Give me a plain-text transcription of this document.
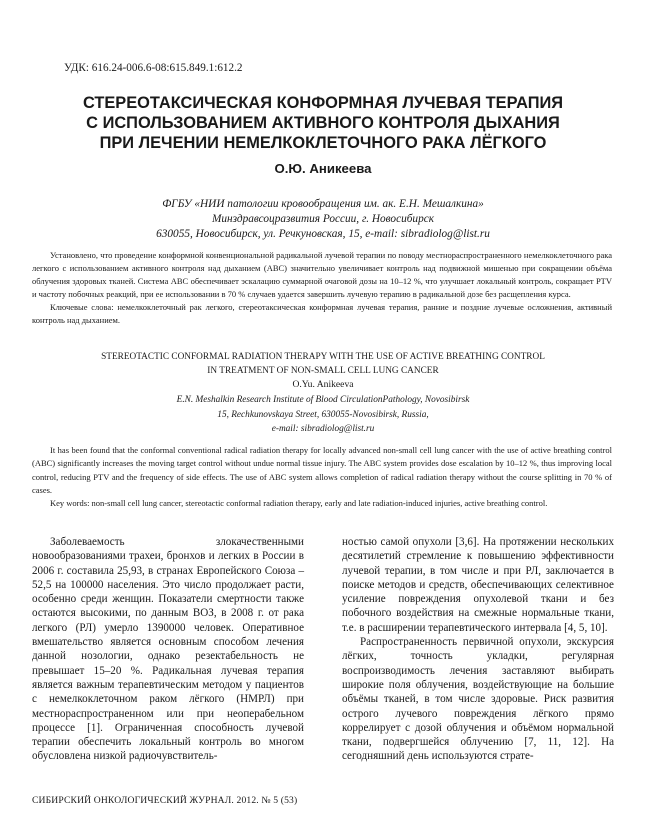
УДК: 616.24-006.6-08:615.849.1:612.2
СТЕРЕОТАКСИЧЕСКАЯ КОНФОРМНАЯ ЛУЧЕВАЯ ТЕРАПИЯ
С ИСПОЛЬЗОВАНИЕМ АКТИВНОГО КОНТРОЛЯ ДЫХАНИЯ
ПРИ ЛЕЧЕНИИ НЕМЕЛКОКЛЕТОЧНОГО РАКА ЛЁГКОГО
О.Ю. Аникеева
ФГБУ «НИИ патологии кровообращения им. ак. Е.Н. Мешалкина»
Минздравсоцразвития России, г. Новосибирск
630055, Новосибирск, ул. Речкуновская, 15, e-mail: sibradiolog@list.ru

Установлено, что проведение конформной конвенциональной радикальной лучевой терапии по поводу местнораспространенного немелкоклеточного рака легкого с использованием активного контроля над дыханием (ABC) значительно увеличивает контроль над подвижной мишенью при сокращении объёма облучения здоровых тканей. Система АВС обеспечивает эскалацию суммарной очаговой дозы на 10–12 %, что улучшает локальный контроль, сокращает PTV и частоту побочных реакций, при ее использовании в 70 % случаев удается завершить лучевую терапию в радикальной дозе без расщепления курса.

Ключевые слова: немелкоклеточный рак легкого, стереотаксическая конформная лучевая терапия, ранние и поздние лучевые осложнения, активный контроль над дыханием.

STEREOTACTIC CONFORMAL RADIATION THERAPY WITH THE USE OF ACTIVE BREATHING CONTROL
IN TREATMENT OF NON-SMALL CELL LUNG CANCER
O.Yu. Anikeeva
E.N. Meshalkin Research Institute of Blood CirculationPathology, Novosibirsk
15, Rechkunovskaya Street, 630055-Novosibirsk, Russia,
e-mail: sibradiolog@list.ru

It has been found that the conformal conventional radical radiation therapy for locally advanced non-small cell lung cancer with the use of active breathing control (ABC) significantly increases the moving target control without undue normal tissue injury. The ABC system provides dose escalation by 10–12 %, thus improving local control, reducing PTV and the frequency of side effects. The use of ABC system allows completion of radical radiation therapy without the course splitting in 70 % of cases.

Key words: non-small cell lung cancer, stereotactic conformal radiation therapy, early and late radiation-induced injuries, active breathing control.

Заболеваемость злокачественными новообразованиями трахеи, бронхов и легких в России в 2006 г. составила 25,93, в странах Европейского Союза – 52,5 на 100000 населения. Это число продолжает расти, особенно среди женщин. Показатели смертности также остаются высокими, по данным ВОЗ, в 2008 г. от рака легкого (РЛ) умерло 1390000 человек. Оперативное вмешательство является основным способом лечения данной нозологии, однако резектабельность не превышает 15–20 %. Радикальная лучевая терапия является важным терапевтическим методом у пациентов с немелкоклеточном раком лёгкого (НМРЛ) при местнораспространенном или при неоперабельном процессе [1]. Ограниченная способность лучевой терапии обеспечить локальный контроль во многом обусловлена низкой радиочувствитель-

ностью самой опухоли [3,6]. На протяжении нескольких десятилетий стремление к повышению эффективности лучевой терапии, в том числе и при РЛ, заключается в поиске методов и средств, обеспечивающих селективное усиление повреждения опухолевой ткани и без побочного воздействия на смежные нормальные ткани, т.е. в расширении терапевтического интервала [4, 5, 10].

Распространенность первичной опухоли, экскурсия лёгких, точность укладки, регулярная воспроизводимость лечения заставляют выбирать широкие поля облучения, воздействующие на большие объёмы тканей, в том числе здоровые. Риск развития острого лучевого повреждения лёгкого прямо коррелирует с дозой облучения и объёмом нормальной ткани, подвергшейся облучению [7, 11, 12]. На сегодняшний день используются страте-

СИБИРСКИЙ ОНКОЛОГИЧЕСКИЙ ЖУРНАЛ. 2012. № 5 (53)
